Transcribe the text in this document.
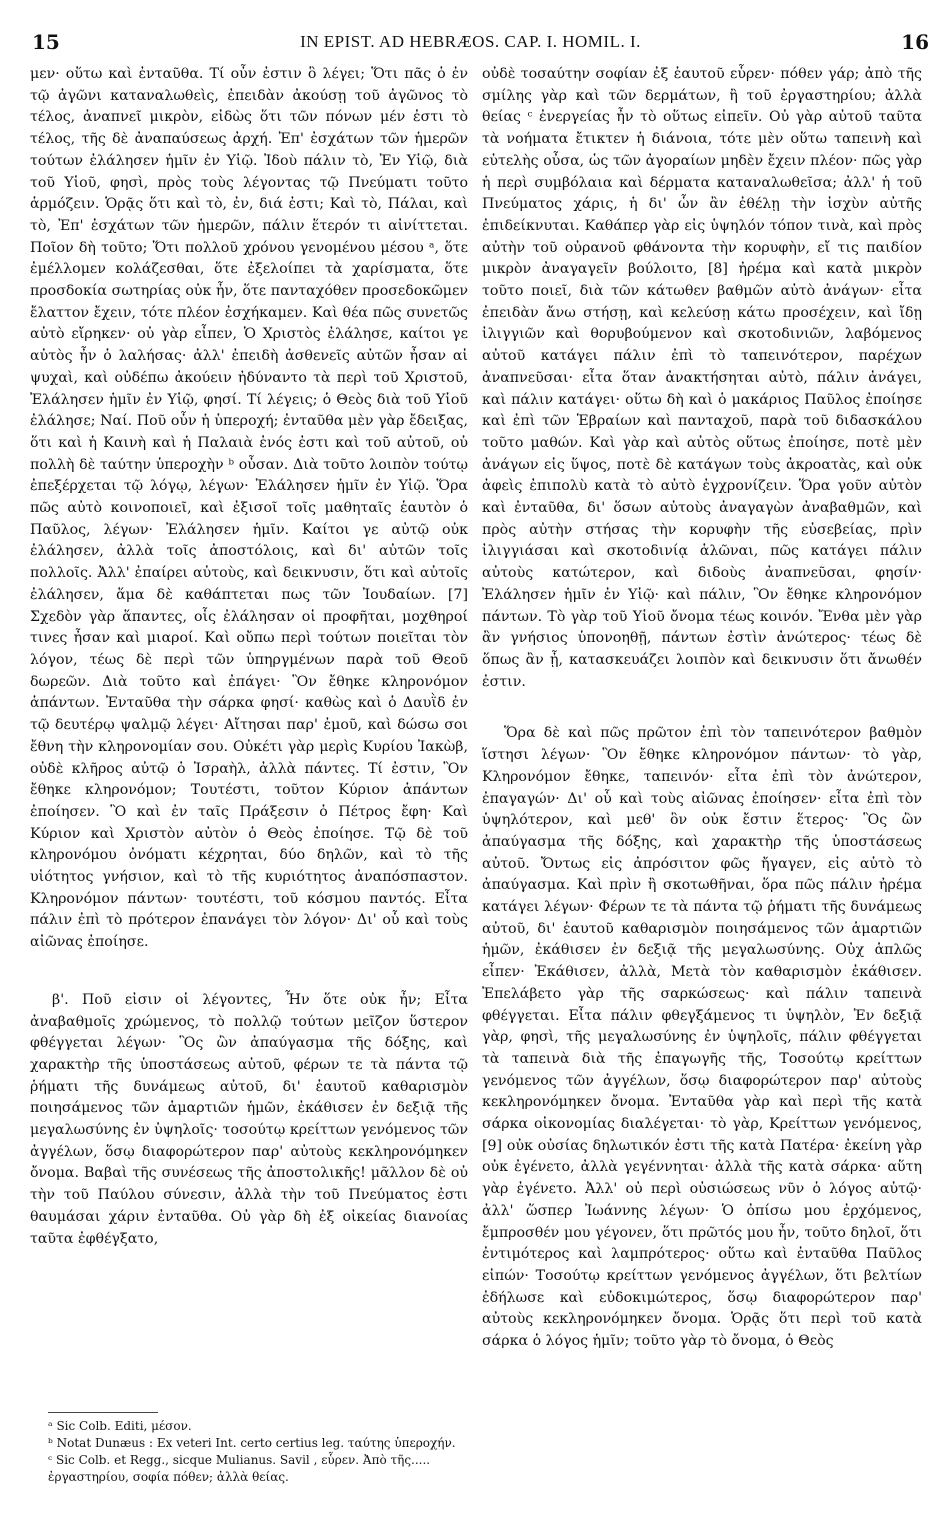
15	IN EPIST. AD HEBRÆOS. CAP. I. HOMIL. I.	16

μεν· οὕτω καὶ ἐνταῦθα. Τί οὖν ἐστιν ὃ λέγει; Ὅτι πᾶς ὁ ἐν τῷ ἀγῶνι καταναλωθεὶς, ἐπειδὰν ἀκούσῃ τοῦ ἀγῶνος τὸ τέλος, ἀναπνεῖ μικρὸν, εἰδὼς ὅτι τῶν πόνων μέν ἐστι τὸ τέλος, τῆς δὲ ἀναπαύσεως ἀρχή. Ἐπ' ἐσχάτων τῶν ἡμερῶν τούτων ἐλάλησεν ἡμῖν ἐν Υἱῷ. Ἰδοὺ πάλιν τὸ, Ἐν Υἱῷ, διὰ τοῦ Υἱοῦ, φησὶ, πρὸς τοὺς λέγοντας τῷ Πνεύματι τοῦτο ἁρμόζειν. Ὁρᾷς ὅτι καὶ τὸ, ἐν, διά ἐστι; Καὶ τὸ, Πάλαι, καὶ τὸ, Ἐπ' ἐσχάτων τῶν ἡμερῶν, πάλιν ἕτερόν τι αἰνίττεται. Ποῖον δὴ τοῦτο; Ὅτι πολλοῦ χρόνου γενομένου μέσου ᵃ, ὅτε ἐμέλλομεν κολάζεσθαι, ὅτε ἐξελοίπει τὰ χαρίσματα, ὅτε προσδοκία σωτηρίας οὐκ ἦν, ὅτε πανταχόθεν προσεδοκῶμεν ἔλαττον ἔχειν, τότε πλέον ἐσχήκαμεν. Καὶ θέα πῶς συνετῶς αὐτὸ εἴρηκεν· οὐ γὰρ εἶπεν, Ὁ Χριστὸς ἐλάλησε, καίτοι γε αὐτὸς ἦν ὁ λαλήσας· ἀλλ' ἐπειδὴ ἀσθενεῖς αὐτῶν ἦσαν αἱ ψυχαὶ, καὶ οὐδέπω ἀκούειν ἠδύναντο τὰ περὶ τοῦ Χριστοῦ, Ἐλάλησεν ἡμῖν ἐν Υἱῷ, φησί. Τί λέγεις; ὁ Θεὸς διὰ τοῦ Υἱοῦ ἐλάλησε; Ναί. Ποῦ οὖν ἡ ὑπεροχή; ἐνταῦθα μὲν γὰρ ἔδειξας, ὅτι καὶ ἡ Καινὴ καὶ ἡ Παλαιὰ ἑνός ἐστι καὶ τοῦ αὐτοῦ, οὐ πολλὴ δὲ ταύτην ὑπεροχὴν ᵇ οὖσαν. Διὰ τοῦτο λοιπὸν τούτῳ ἐπεξέρχεται τῷ λόγῳ, λέγων· Ἐλάλησεν ἡμῖν ἐν Υἱῷ. Ὅρα πῶς αὐτὸ κοινοποιεῖ, καὶ ἐξισοῖ τοῖς μαθηταῖς ἑαυτὸν ὁ Παῦλος, λέγων· Ἐλάλησεν ἡμῖν. Καίτοι γε αὐτῷ οὐκ ἐλάλησεν, ἀλλὰ τοῖς ἀποστόλοις, καὶ δι' αὐτῶν τοῖς πολλοῖς. Ἀλλ' ἐπαίρει αὐτοὺς, καὶ δεικνυσιν, ὅτι καὶ αὐτοῖς ἐλάλησεν, ἅμα δὲ καθάπτεται πως τῶν Ἰουδαίων. [7] Σχεδὸν γὰρ ἅπαντες, οἷς ἐλάλησαν οἱ προφῆται, μοχθηροί τινες ἦσαν καὶ μιαροί. Καὶ οὔπω περὶ τούτων ποιεῖται τὸν λόγον, τέως δὲ περὶ τῶν ὑπηργμένων παρὰ τοῦ Θεοῦ δωρεῶν. Διὰ τοῦτο καὶ ἐπάγει· Ὃν ἔθηκε κληρονόμον ἁπάντων. Ἐνταῦθα τὴν σάρκα φησί· καθὼς καὶ ὁ Δαυῒδ ἐν τῷ δευτέρῳ ψαλμῷ λέγει· Αἴτησαι παρ' ἐμοῦ, καὶ δώσω σοι ἔθνη τὴν κληρονομίαν σου. Οὐκέτι γὰρ μερὶς Κυρίου Ἰακὼβ, οὐδὲ κλῆρος αὐτῷ ὁ Ἰσραὴλ, ἀλλὰ πάντες. Τί ἐστιν, Ὃν ἔθηκε κληρονόμον; Τουτέστι, τοῦτον Κύριον ἁπάντων ἐποίησεν. Ὃ καὶ ἐν ταῖς Πράξεσιν ὁ Πέτρος ἔφη· Καὶ Κύριον καὶ Χριστὸν αὐτὸν ὁ Θεὸς ἐποίησε. Τῷ δὲ τοῦ κληρονόμου ὀνόματι κέχρηται, δύο δηλῶν, καὶ τὸ τῆς υἱότητος γνήσιον, καὶ τὸ τῆς κυριότητος ἀναπόσπαστον. Κληρονόμον πάντων· τουτέστι, τοῦ κόσμου παντός. Εἶτα πάλιν ἐπὶ τὸ πρότερον ἐπανάγει τὸν λόγον· Δι' οὗ καὶ τοὺς αἰῶνας ἐποίησε.

β'. Ποῦ εἰσιν οἱ λέγοντες, Ἦν ὅτε οὐκ ἦν; Εἶτα ἀναβαθμοῖς χρώμενος, τὸ πολλῷ τούτων μεῖζον ὕστερον φθέγγεται λέγων· Ὃς ὢν ἀπαύγασμα τῆς δόξης, καὶ χαρακτὴρ τῆς ὑποστάσεως αὐτοῦ, φέρων τε τὰ πάντα τῷ ῥήματι τῆς δυνάμεως αὐτοῦ, δι' ἑαυτοῦ καθαρισμὸν ποιησάμενος τῶν ἁμαρτιῶν ἡμῶν, ἐκάθισεν ἐν δεξιᾷ τῆς μεγαλωσύνης ἐν ὑψηλοῖς· τοσούτῳ κρείττων γενόμενος τῶν ἀγγέλων, ὅσῳ διαφορώτερον παρ' αὐτοὺς κεκληρονόμηκεν ὄνομα. Βαβαὶ τῆς συνέσεως τῆς ἀποστολικῆς! μᾶλλον δὲ οὐ τὴν τοῦ Παύλου σύνεσιν, ἀλλὰ τὴν τοῦ Πνεύματος ἐστι θαυμάσαι χάριν ἐνταῦθα. Οὐ γὰρ δὴ ἐξ οἰκείας διανοίας ταῦτα ἐφθέγξατο,

οὐδὲ τοσαύτην σοφίαν ἐξ ἑαυτοῦ εὗρεν· πόθεν γάρ; ἀπὸ τῆς σμίλης γὰρ καὶ τῶν δερμάτων, ἢ τοῦ ἐργαστηρίου; ἀλλὰ θείας ᶜ ἐνεργείας ἦν τὸ οὕτως εἰπεῖν. Οὐ γὰρ αὐτοῦ ταῦτα τὰ νοήματα ἔτικτεν ἡ διάνοια, τότε μὲν οὕτω ταπεινὴ καὶ εὐτελὴς οὖσα, ὡς τῶν ἀγοραίων μηδὲν ἔχειν πλέον· πῶς γὰρ ἡ περὶ συμβόλαια καὶ δέρματα καταναλωθεῖσα; ἀλλ' ἡ τοῦ Πνεύματος χάρις, ἡ δι' ὧν ἂν ἐθέλῃ τὴν ἰσχὺν αὐτῆς ἐπιδείκνυται. Καθάπερ γὰρ εἰς ὑψηλόν τόπον τινὰ, καὶ πρὸς αὐτὴν τοῦ οὐρανοῦ φθάνοντα τὴν κορυφὴν, εἴ τις παιδίον μικρὸν ἀναγαγεῖν βούλοιτο, [8] ἠρέμα καὶ κατὰ μικρὸν τοῦτο ποιεῖ, διὰ τῶν κάτωθεν βαθμῶν αὐτὸ ἀνάγων· εἶτα ἐπειδὰν ἄνω στήσῃ, καὶ κελεύσῃ κάτω προσέχειν, καὶ ἴδῃ ἰλιγγιῶν καὶ θορυβούμενον καὶ σκοτοδινιῶν, λαβόμενος αὐτοῦ κατάγει πάλιν ἐπὶ τὸ ταπεινότερον, παρέχων ἀναπνεῦσαι· εἶτα ὅταν ἀνακτήσηται αὐτὸ, πάλιν ἀνάγει, καὶ πάλιν κατάγει· οὕτω δὴ καὶ ὁ μακάριος Παῦλος ἐποίησε καὶ ἐπὶ τῶν Ἑβραίων καὶ πανταχοῦ, παρὰ τοῦ διδασκάλου τοῦτο μαθών. Καὶ γὰρ καὶ αὐτὸς οὕτως ἐποίησε, ποτὲ μὲν ἀνάγων εἰς ὕψος, ποτὲ δὲ κατάγων τοὺς ἀκροατὰς, καὶ οὐκ ἀφεὶς ἐπιπολὺ κατὰ τὸ αὐτὸ ἐγχρονίζειν. Ὅρα γοῦν αὐτὸν καὶ ἐνταῦθα, δι' ὅσων αὐτοὺς ἀναγαγὼν ἀναβαθμῶν, καὶ πρὸς αὐτὴν στήσας τὴν κορυφὴν τῆς εὐσεβείας, πρὶν ἰλιγγιάσαι καὶ σκοτοδινίᾳ ἁλῶναι, πῶς κατάγει πάλιν αὐτοὺς κατώτερον, καὶ διδοὺς ἀναπνεῦσαι, φησίν· Ἐλάλησεν ἡμῖν ἐν Υἱῷ· καὶ πάλιν, Ὃν ἔθηκε κληρονόμον πάντων. Τὸ γὰρ τοῦ Υἱοῦ ὄνομα τέως κοινόν. Ἔνθα μὲν γὰρ ἂν γνήσιος ὑπονοηθῇ, πάντων ἐστὶν ἀνώτερος· τέως δὲ ὅπως ἂν ᾖ, κατασκευάζει λοιπὸν καὶ δεικνυσιν ὅτι ἄνωθέν ἐστιν.

Ὅρα δὲ καὶ πῶς πρῶτον ἐπὶ τὸν ταπεινότερον βαθμὸν ἵστησι λέγων· Ὃν ἔθηκε κληρονόμον πάντων· τὸ γὰρ, Κληρονόμον ἔθηκε, ταπεινόν· εἶτα ἐπὶ τὸν ἀνώτερον, ἐπαγαγών· Δι' οὗ καὶ τοὺς αἰῶνας ἐποίησεν· εἶτα ἐπὶ τὸν ὑψηλότερον, καὶ μεθ' ὃν οὐκ ἔστιν ἕτερος· Ὃς ὢν ἀπαύγασμα τῆς δόξης, καὶ χαρακτὴρ τῆς ὑποστάσεως αὐτοῦ. Ὄντως εἰς ἀπρόσιτον φῶς ἤγαγεν, εἰς αὐτὸ τὸ ἀπαύγασμα. Καὶ πρὶν ἢ σκοτωθῆναι, ὅρα πῶς πάλιν ἠρέμα κατάγει λέγων· Φέρων τε τὰ πάντα τῷ ῥήματι τῆς δυνάμεως αὐτοῦ, δι' ἑαυτοῦ καθαρισμὸν ποιησάμενος τῶν ἁμαρτιῶν ἡμῶν, ἐκάθισεν ἐν δεξιᾷ τῆς μεγαλωσύνης. Οὐχ ἁπλῶς εἶπεν· Ἐκάθισεν, ἀλλὰ, Μετὰ τὸν καθαρισμὸν ἐκάθισεν. Ἐπελάβετο γὰρ τῆς σαρκώσεως· καὶ πάλιν ταπεινὰ φθέγγεται. Εἶτα πάλιν φθεγξάμενος τι ὑψηλὸν, Ἐν δεξιᾷ γὰρ, φησὶ, τῆς μεγαλωσύνης ἐν ὑψηλοῖς, πάλιν φθέγγεται τὰ ταπεινὰ διὰ τῆς ἐπαγωγῆς τῆς, Τοσούτῳ κρείττων γενόμενος τῶν ἀγγέλων, ὅσῳ διαφορώτερον παρ' αὐτοὺς κεκληρονόμηκεν ὄνομα. Ἐνταῦθα γὰρ καὶ περὶ τῆς κατὰ σάρκα οἰκονομίας διαλέγεται· τὸ γὰρ, Κρείττων γενόμενος, [9] οὐκ οὐσίας δηλωτικόν ἐστι τῆς κατὰ Πατέρα· ἐκείνη γὰρ οὐκ ἐγένετο, ἀλλὰ γεγέννηται· ἀλλὰ τῆς κατὰ σάρκα· αὕτη γὰρ ἐγένετο. Ἀλλ' οὐ περὶ οὐσιώσεως νῦν ὁ λόγος αὐτῷ· ἀλλ' ὥσπερ Ἰωάννης λέγων· Ὁ ὀπίσω μου ἐρχόμενος, ἔμπροσθέν μου γέγονεν, ὅτι πρῶτός μου ἦν, τοῦτο δηλοῖ, ὅτι ἐντιμότερος καὶ λαμπρότερος· οὕτω καὶ ἐνταῦθα Παῦλος εἰπών· Τοσούτῳ κρείττων γενόμενος ἀγγέλων, ὅτι βελτίων ἐδήλωσε καὶ εὐδοκιμώτερος, ὅσῳ διαφορώτερον παρ' αὐτοὺς κεκληρονόμηκεν ὄνομα. Ὁρᾷς ὅτι περὶ τοῦ κατὰ σάρκα ὁ λόγος ἡμῖν; τοῦτο γὰρ τὸ ὄνομα, ὁ Θεὸς

ᵃ Sic Colb. Editi, μέσον.

ᵇ Notat Dunæus : Ex veteri Int. certo certius leg. ταύτης ὑπεροχήν.

ᶜ Sic Colb. et Regg., sicque Mulianus. Savil , εὗρεν. Ἀπὸ τῆς..... ἐργαστηρίου, σοφία πόθεν; ἀλλὰ θείας.
